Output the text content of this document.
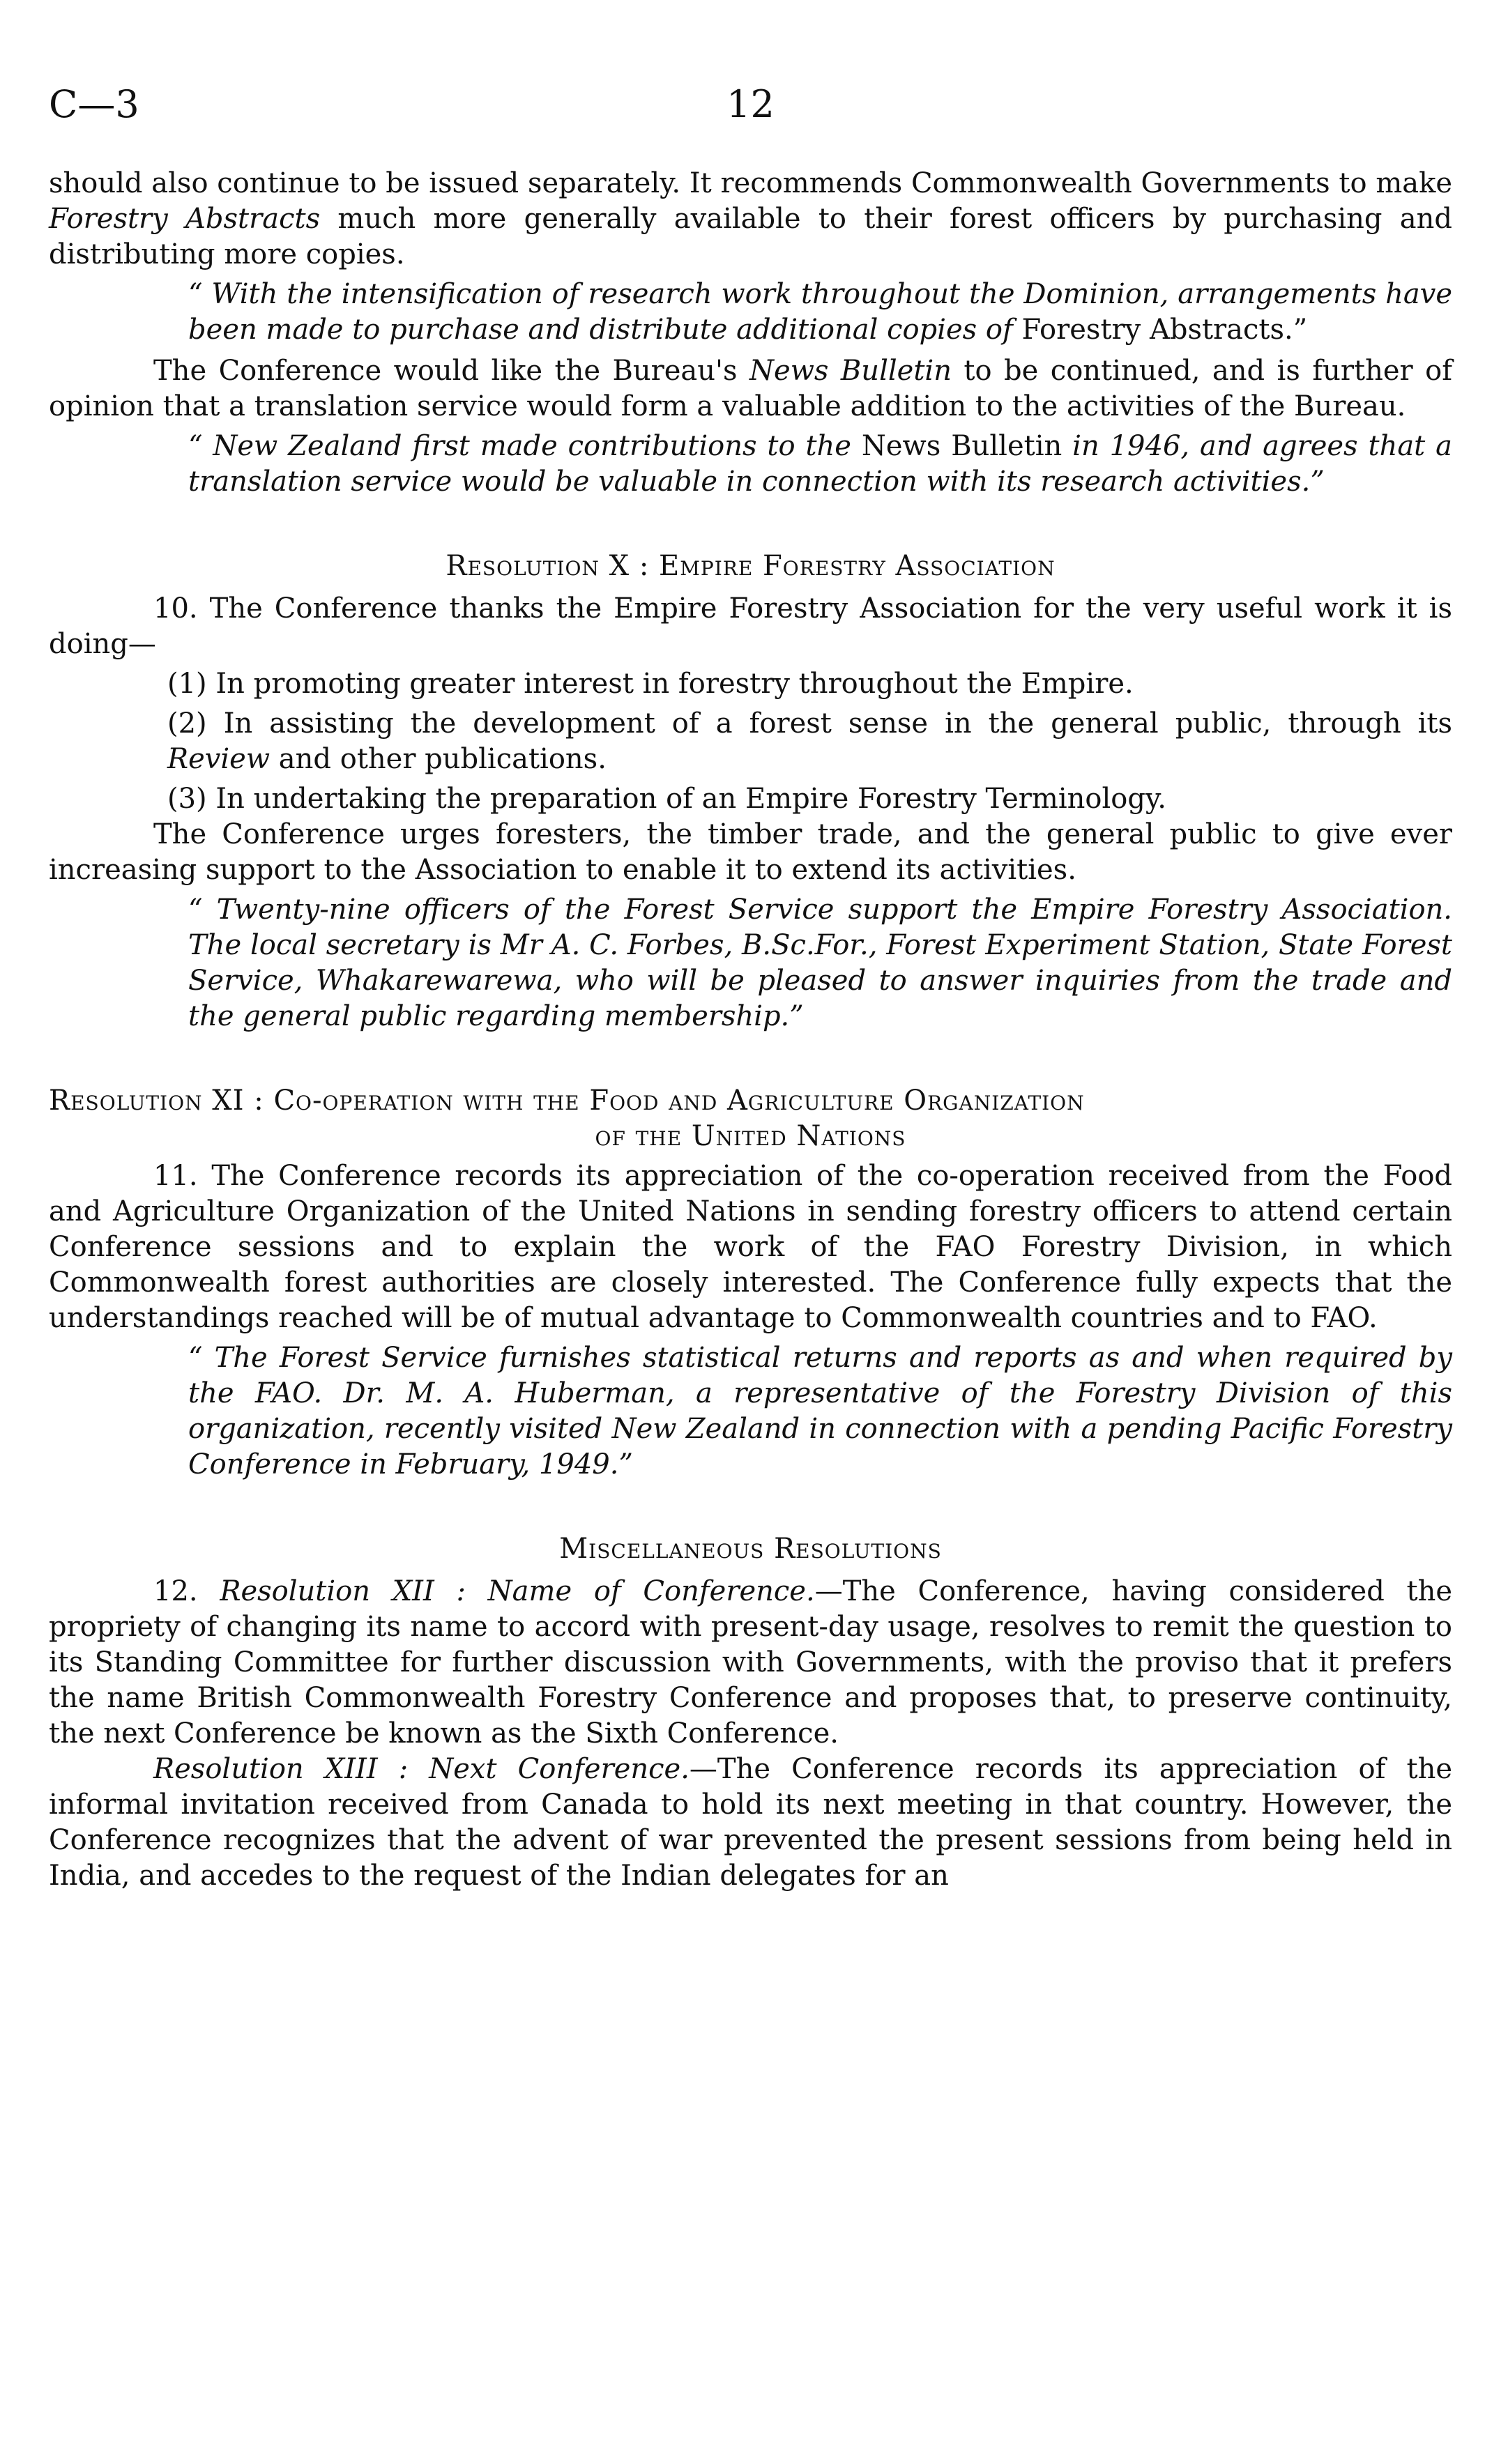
C—3	12

should also continue to be issued separately. It recommends Commonwealth Governments to make Forestry Abstracts much more generally available to their forest officers by purchasing and distributing more copies.

“ With the intensification of research work throughout the Dominion, arrangements have been made to purchase and distribute additional copies of Forestry Abstracts.”

The Conference would like the Bureau's News Bulletin to be continued, and is further of opinion that a translation service would form a valuable addition to the activities of the Bureau.

“ New Zealand first made contributions to the News Bulletin in 1946, and agrees that a translation service would be valuable in connection with its research activities.”

Resolution X : Empire Forestry Association

10. The Conference thanks the Empire Forestry Association for the very useful work it is doing—

(1) In promoting greater interest in forestry throughout the Empire.

(2) In assisting the development of a forest sense in the general public, through its Review and other publications.

(3) In undertaking the preparation of an Empire Forestry Terminology.

The Conference urges foresters, the timber trade, and the general public to give ever increasing support to the Association to enable it to extend its activities.

“ Twenty-nine officers of the Forest Service support the Empire Forestry Association. The local secretary is Mr A. C. Forbes, B.Sc.For., Forest Experiment Station, State Forest Service, Whakarewarewa, who will be pleased to answer inquiries from the trade and the general public regarding membership.”

Resolution XI : Co-operation with the Food and Agriculture Organization
of the United Nations

11. The Conference records its appreciation of the co-operation received from the Food and Agriculture Organization of the United Nations in sending forestry officers to attend certain Conference sessions and to explain the work of the FAO Forestry Division, in which Commonwealth forest authorities are closely interested. The Conference fully expects that the understandings reached will be of mutual advantage to Commonwealth countries and to FAO.

“ The Forest Service furnishes statistical returns and reports as and when required by the FAO. Dr. M. A. Huberman, a representative of the Forestry Division of this organization, recently visited New Zealand in connection with a pending Pacific Forestry Conference in February, 1949.”

Miscellaneous Resolutions

12. Resolution XII : Name of Conference.—The Conference, having considered the propriety of changing its name to accord with present-day usage, resolves to remit the question to its Standing Committee for further discussion with Governments, with the proviso that it prefers the name British Commonwealth Forestry Conference and proposes that, to preserve continuity, the next Conference be known as the Sixth Conference.

Resolution XIII : Next Conference.—The Conference records its appreciation of the informal invitation received from Canada to hold its next meeting in that country. However, the Conference recognizes that the advent of war prevented the present sessions from being held in India, and accedes to the request of the Indian delegates for an
